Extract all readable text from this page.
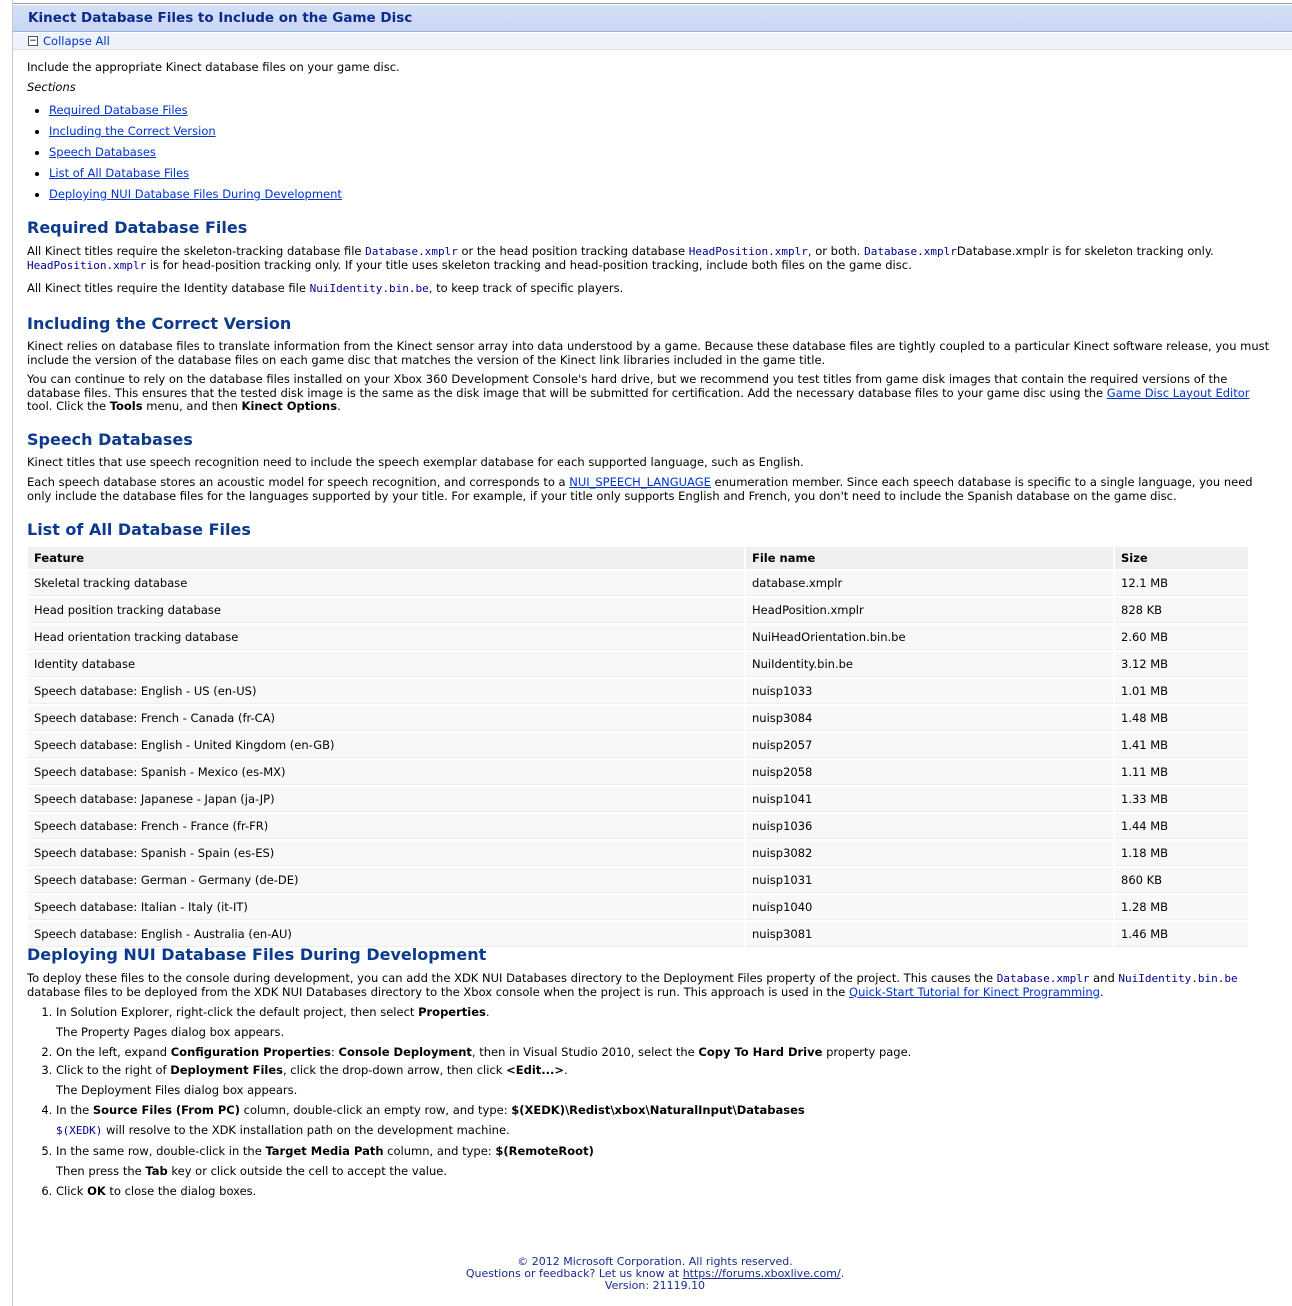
Kinect Database Files to Include on the Game Disc
− Collapse All

Include the appropriate Kinect database files on your game disc.

Sections

• Required Database Files
• Including the Correct Version
• Speech Databases
• List of All Database Files
• Deploying NUI Database Files During Development
Required Database Files

All Kinect titles require the skeleton-tracking database file Database.xmplr or the head position tracking database HeadPosition.xmplr, or both. Database.xmplrDatabase.xmplr is for skeleton tracking only.
HeadPosition.xmplr is for head-position tracking only. If your title uses skeleton tracking and head-position tracking, include both files on the game disc.

All Kinect titles require the Identity database file NuiIdentity.bin.be, to keep track of specific players.

Including the Correct Version

Kinect relies on database files to translate information from the Kinect sensor array into data understood by a game. Because these database files are tightly coupled to a particular Kinect software release, you must include the version of the database files on each game disc that matches the version of the Kinect link libraries included in the game title.

You can continue to rely on the database files installed on your Xbox 360 Development Console's hard drive, but we recommend you test titles from game disk images that contain the required versions of the database files. This ensures that the tested disk image is the same as the disk image that will be submitted for certification. Add the necessary database files to your game disc using the Game Disc Layout Editor tool. Click the Tools menu, and then Kinect Options.

Speech Databases

Kinect titles that use speech recognition need to include the speech exemplar database for each supported language, such as English.

Each speech database stores an acoustic model for speech recognition, and corresponds to a NUI_SPEECH_LANGUAGE enumeration member. Since each speech database is specific to a single language, you need only include the database files for the languages supported by your title. For example, if your title only supports English and French, you don't need to include the Spanish database on the game disc.

List of All Database Files
Feature	File name	Size
Skeletal tracking database	database.xmplr	12.1 MB
Head position tracking database	HeadPosition.xmplr	828 KB
Head orientation tracking database	NuiHeadOrientation.bin.be	2.60 MB
Identity database	NuiIdentity.bin.be	3.12 MB
Speech database: English - US (en-US)	nuisp1033	1.01 MB
Speech database: French - Canada (fr-CA)	nuisp3084	1.48 MB
Speech database: English - United Kingdom (en-GB)	nuisp2057	1.41 MB
Speech database: Spanish - Mexico (es-MX)	nuisp2058	1.11 MB
Speech database: Japanese - Japan (ja-JP)	nuisp1041	1.33 MB
Speech database: French - France (fr-FR)	nuisp1036	1.44 MB
Speech database: Spanish - Spain (es-ES)	nuisp3082	1.18 MB
Speech database: German - Germany (de-DE)	nuisp1031	860 KB
Speech database: Italian - Italy (it-IT)	nuisp1040	1.28 MB
Speech database: English - Australia (en-AU)	nuisp3081	1.46 MB
Deploying NUI Database Files During Development

To deploy these files to the console during development, you can add the XDK NUI Databases directory to the Deployment Files property of the project. This causes the Database.xmplr and NuiIdentity.bin.be database files to be deployed from the XDK NUI Databases directory to the Xbox console when the project is run. This approach is used in the Quick-Start Tutorial for Kinect Programming.

1. In Solution Explorer, right-click the default project, then select Properties.
The Property Pages dialog box appears.
2. On the left, expand Configuration Properties: Console Deployment, then in Visual Studio 2010, select the Copy To Hard Drive property page.
3. Click to the right of Deployment Files, click the drop-down arrow, then click <Edit...>.
The Deployment Files dialog box appears.
4. In the Source Files (From PC) column, double-click an empty row, and type: $(XEDK)\Redist\xbox\NaturalInput\Databases
$(XEDK) will resolve to the XDK installation path on the development machine.
5. In the same row, double-click in the Target Media Path column, and type: $(RemoteRoot)
Then press the Tab key or click outside the cell to accept the value.
6. Click OK to close the dialog boxes.
© 2012 Microsoft Corporation. All rights reserved.
Questions or feedback? Let us know at https://forums.xboxlive.com/.
Version: 21119.10
